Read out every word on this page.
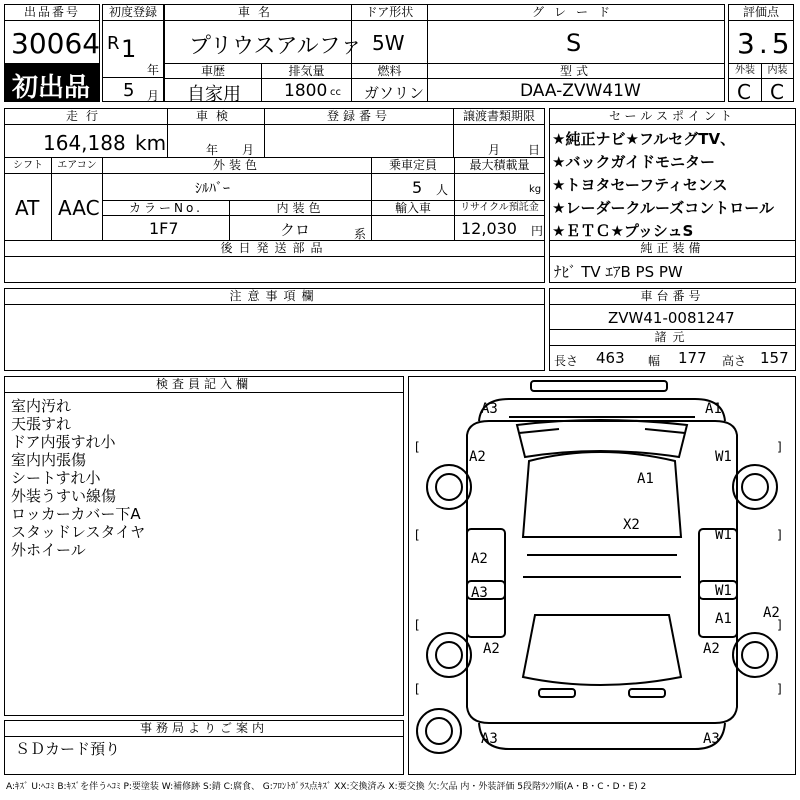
出品番号
30064
初出品
初度登録
R 1
年
5 月
車名
プリウスアルファ
ドア形状
5W
グレード
S
評価点
3.5
車歴
自家用
排気量
1800 cc
燃料
ガソリン
型式
DAA-ZVW41W
外装
C
内装
C
走行
164,188 km
車検
年 月
登録番号	譲渡書類期限
月 日
シフト
AT
エアコン
AAC
外装色
ｼﾙﾊﾞｰ
乗車定員
5 人
最大積載量
kg
カラーNo.
1F7
内装色
クロ	系
輸入車	リサイクル預託金
12,030 円
後日発送部品
セールスポイント
★純正ナビ★フルセグTV、
★バックガイドモニター
★トヨタセーフティセンス
★レーダークルーズコントロール
★ＥＴＣ★プッシュS
純正装備
ﾅﾋﾞ TV ｴｱB PS PW
注意事項欄	車台番号
ZVW41-0081247
諸元
長さ 463 幅 177 高さ 157
検査員記入欄
室内汚れ
天張すれ
ドア内張すれ小
室内内張傷
シートすれ小
外装うすい線傷
ロッカーカバー下A
スタッドレスタイヤ
外ホイール
事務局よりご案内
ＳＤカード預り
[	]
[	]
[	]
[	]
A3	A1
A2	W1
A1
X2
A2
W1
A3	W1
A1 A2
A2	A2
A3	A3
A:ｷｽﾞ U:ﾍｺﾐ B:ｷｽﾞを伴うﾍｺﾐ P:要塗装 W:補修跡 S:錆 C:腐食、 G:ﾌﾛﾝﾄｶﾞﾗｽ点ｷｽﾞ XX:交換済み X:要交換 欠:欠品 内・外装評価 5段階ﾗﾝｸ順(A・B・C・D・E) 2
